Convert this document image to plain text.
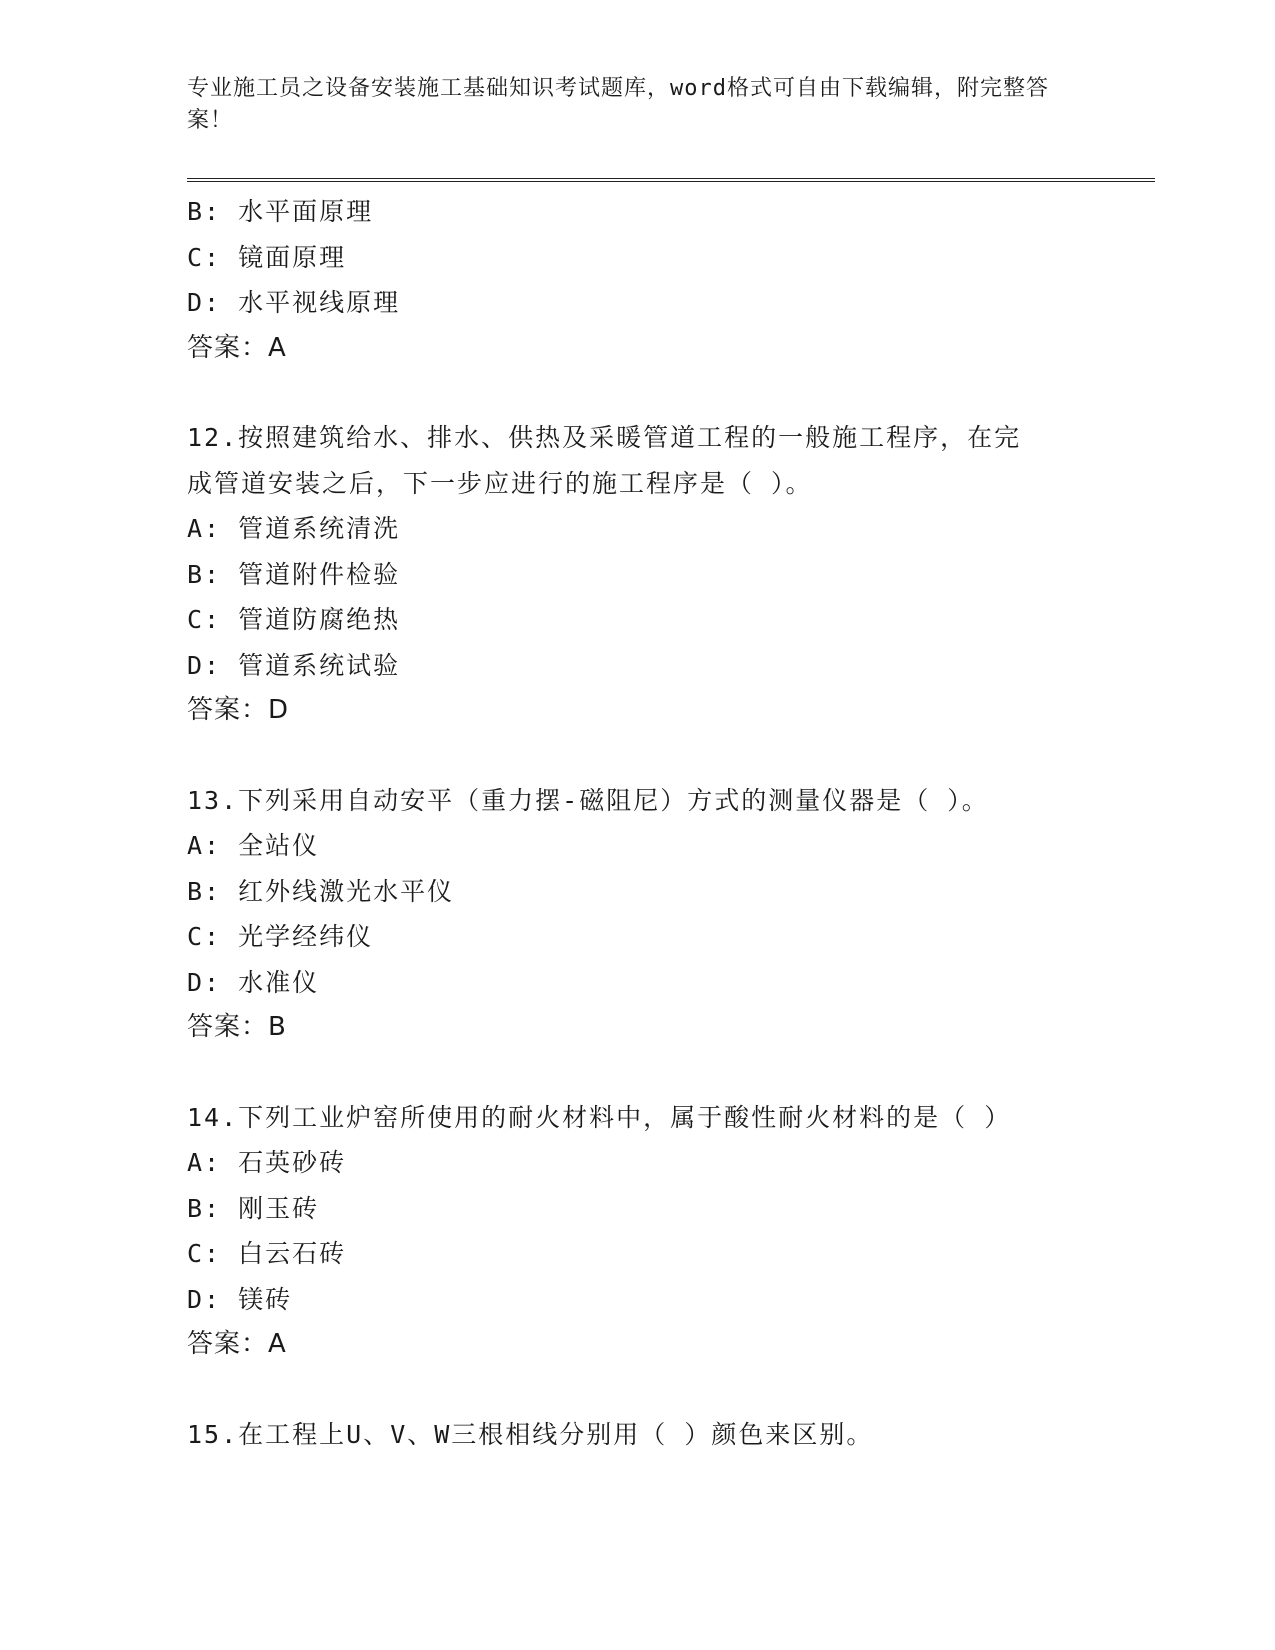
专业施工员之设备安装施工基础知识考试题库，word格式可自由下载编辑，附完整答案！
B: 水平面原理
C: 镜面原理
D: 水平视线原理
答案：A
12.按照建筑给水、排水、供热及采暖管道工程的一般施工程序，在完
成管道安装之后，下一步应进行的施工程序是（ ）。
A: 管道系统清洗
B: 管道附件检验
C: 管道防腐绝热
D: 管道系统试验
答案：D
13.下列采用自动安平（重力摆-磁阻尼）方式的测量仪器是（ ）。
A: 全站仪
B: 红外线激光水平仪
C: 光学经纬仪
D: 水准仪
答案：B
14.下列工业炉窑所使用的耐火材料中，属于酸性耐火材料的是（ ）
A: 石英砂砖
B: 刚玉砖
C: 白云石砖
D: 镁砖
答案：A
15.在工程上U、V、W三根相线分别用（ ）颜色来区别。
